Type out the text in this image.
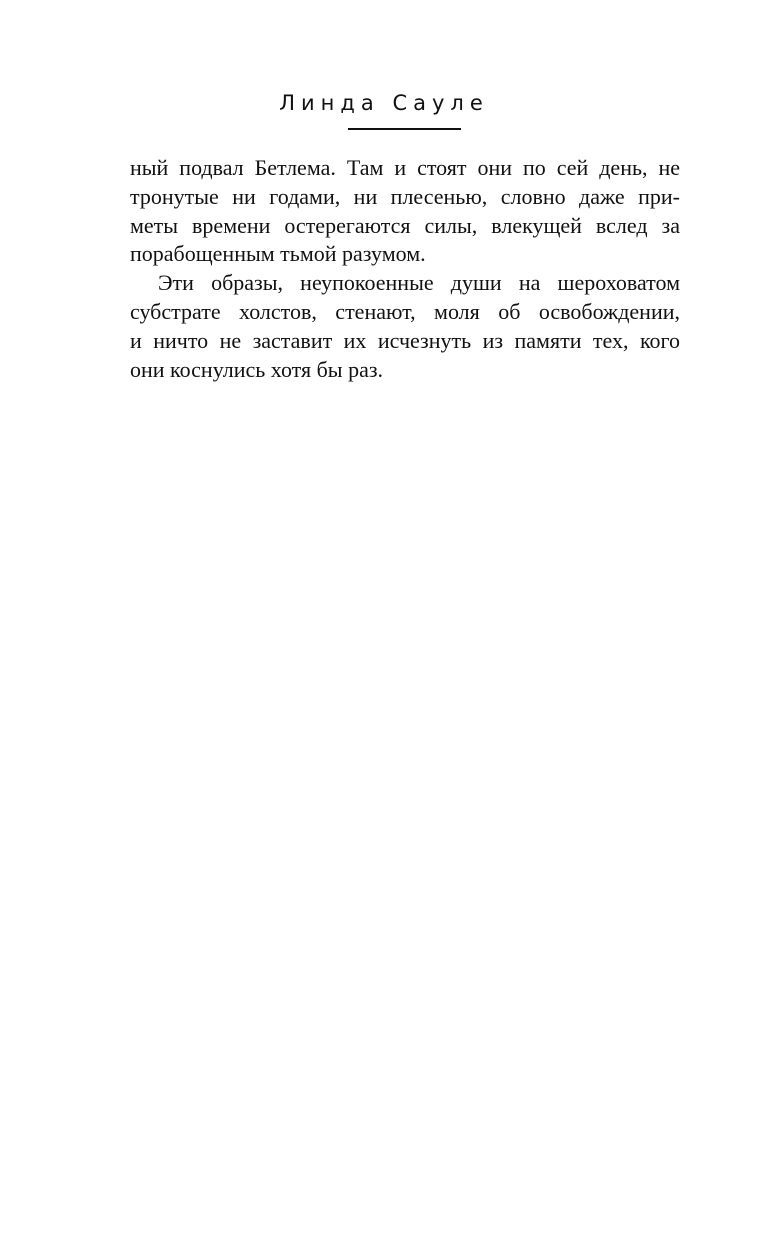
Линда Сауле
ный подвал Бетлема. Там и стоят они по сей день, не
тронутые ни годами, ни плесенью, словно даже при-
меты времени остерегаются силы, влекущей вслед за
порабощенным тьмой разумом.
Эти образы, неупокоенные души на шероховатом
субстрате холстов, стенают, моля об освобождении,
и ничто не заставит их исчезнуть из памяти тех, кого
они коснулись хотя бы раз.
